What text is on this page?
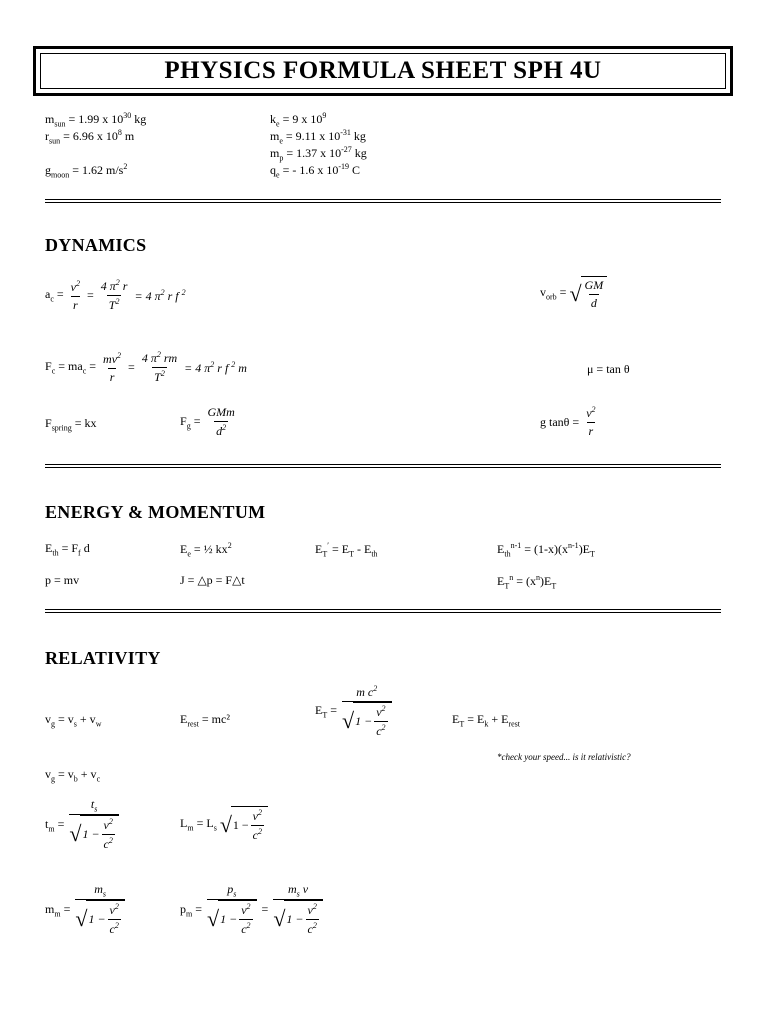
PHYSICS FORMULA SHEET SPH 4U
$m_{sun} = 1.99$ x $10^{30}$ kg
$r_{sun} = 6.96$ x $10^8$ m
$g_{moon} = 1.62$ $m/s^2$
$k_e = 9$ x $10^9$
$m_e = 9.11$ x $10^{-31}$ kg
$m_p = 1.37$ x $10^{-27}$ kg
$q_e$ = - 1.6 x $10^{-19}$ C
DYNAMICS
$a_c = \frac{v^2}{r} = \frac{4 \pi^2 r}{T^2} = 4$ $\pi^2$ r f $^2$	$v_{orb}$ = √ $\frac{GM}{d}$
$F_c = ma_c = \frac{mv^2}{r} = \frac{4 \pi^2 rm}{T^2} = 4$ $\pi^2$ r f $^2$ m	μ = tan θ
$F_{spring}$ = kx	$F_g = \frac{\text{GMm}}{d^2}$	g $\tan\theta = \frac{v^2}{r}$
ENERGY & MOMENTUM
$E_{th} = F_f$ d	$E_e$ = ½ $kx^2$	$E_T' = E_T - E_{th}$	$E_{th}^{n-1} = (1-x)(x^{n-1})E_T$
p = mv	J = △p = F△t	$E_T^n = (x^n)E_T$
RELATIVITY
$v_g = v_s + v_w$	$E_{rest} = mc^2$
$E_T = \frac{m c^2}{√ 1 - \frac{v^2}{c^2}}$	$E_T = E_k + E_{rest}$
*check your speed... is it relativistic?
$v_g = v_b + v_c$
$t_m = \frac{t_s}{√ 1 - \frac{v^2}{c^2}}$	$L_m = L_s$ √ $1 - \frac{v^2}{c^2}$
$m_m = \frac{m_s}{√ 1 - \frac{v^2}{c^2}}$	$p_m = \frac{p_s}{√ 1 - \frac{v^2}{c^2}} = \frac{m_s v}{√ 1 - \frac{v^2}{c^2}}$
